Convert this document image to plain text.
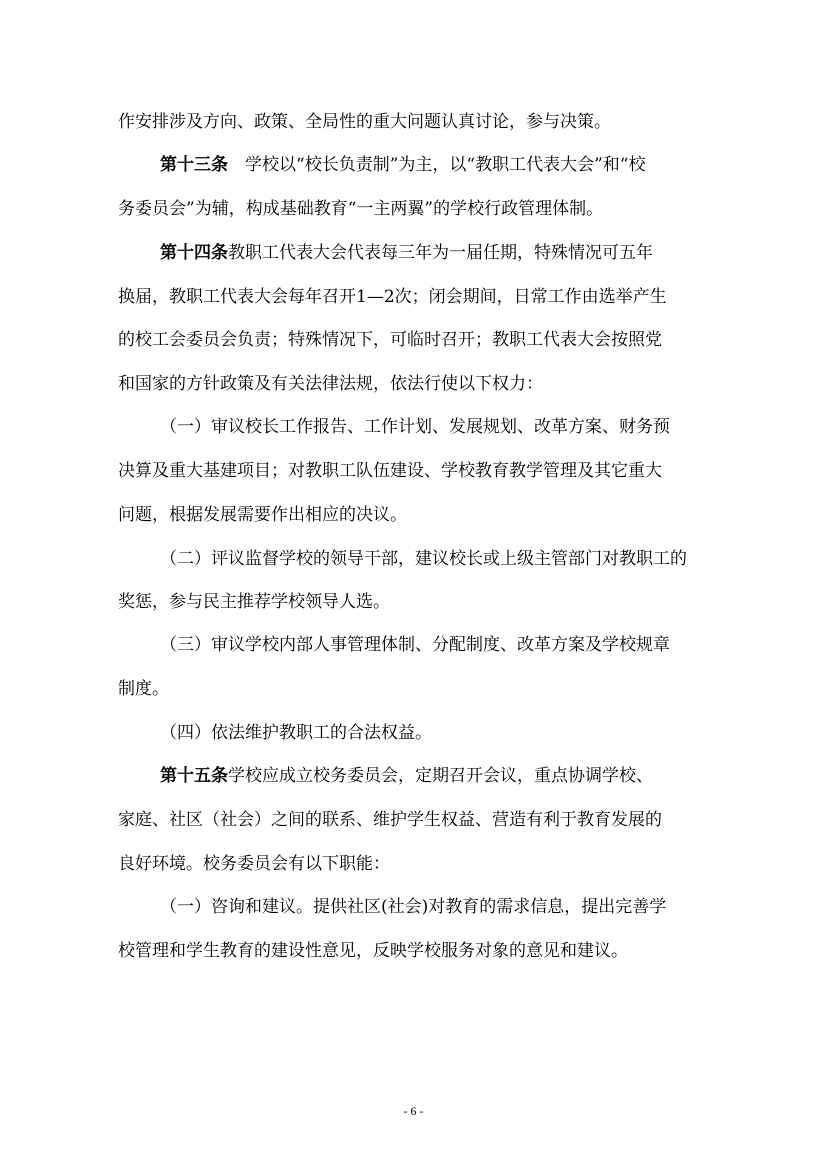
作安排涉及方向、政策、全局性的重大问题认真讨论，参与决策。
第十三条　学校以“校长负责制”为主，以“教职工代表大会”和“校
务委员会”为辅，构成基础教育“一主两翼”的学校行政管理体制。
第十四条教职工代表大会代表每三年为一届任期，特殊情况可五年
换届，教职工代表大会每年召开1—2次；闭会期间，日常工作由选举产生
的校工会委员会负责；特殊情况下，可临时召开；教职工代表大会按照党
和国家的方针政策及有关法律法规，依法行使以下权力：
（一）审议校长工作报告、工作计划、发展规划、改革方案、财务预
决算及重大基建项目；对教职工队伍建设、学校教育教学管理及其它重大
问题，根据发展需要作出相应的决议。
（二）评议监督学校的领导干部，建议校长或上级主管部门对教职工的
奖惩，参与民主推荐学校领导人选。
（三）审议学校内部人事管理体制、分配制度、改革方案及学校规章
制度。
（四）依法维护教职工的合法权益。
第十五条学校应成立校务委员会，定期召开会议，重点协调学校、
家庭、社区（社会）之间的联系、维护学生权益、营造有利于教育发展的
良好环境。校务委员会有以下职能：
（一）咨询和建议。提供社区(社会)对教育的需求信息，提出完善学
校管理和学生教育的建设性意见，反映学校服务对象的意见和建议。
- 6 -
